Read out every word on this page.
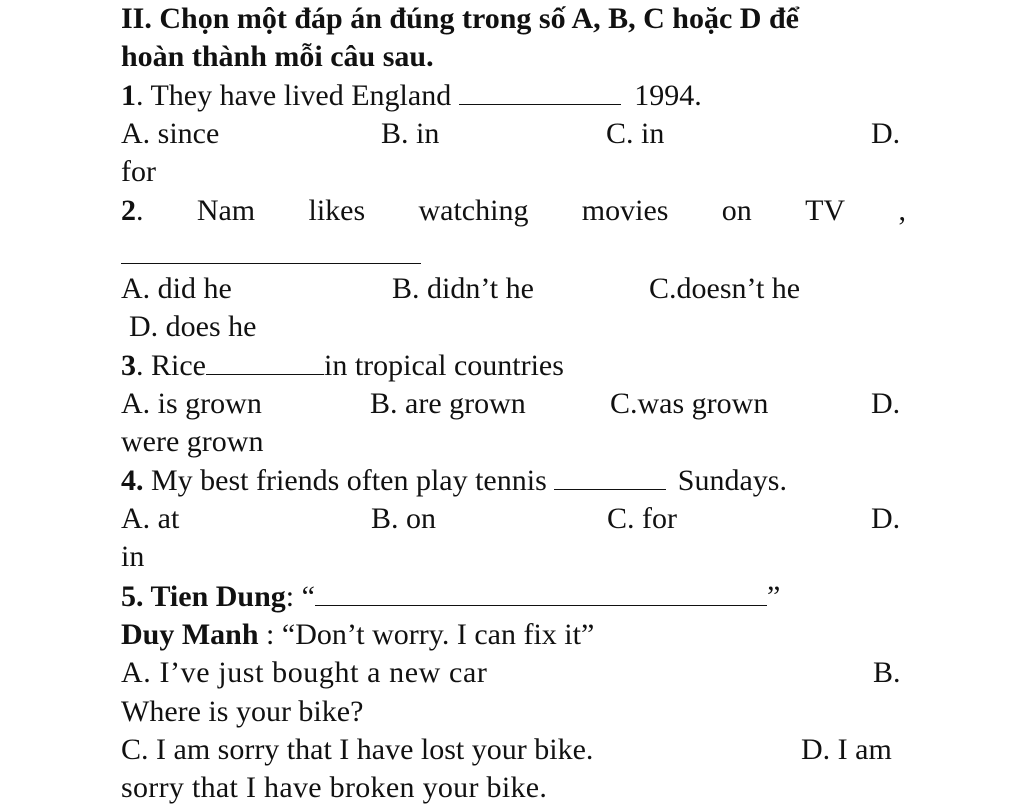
II. Chọn một đáp án đúng trong số A, B, C hoặc D để
hoàn thành mỗi câu sau.
1. They have lived England	1994.
A. since	B. in	C. in	D.
for
2. Nam likes watching movies on TV ,
A. did he	B. didn’t he	C.doesn’t he
D. does he
3. Rice	in tropical countries
A. is grown	B. are grown	C.was grown	D.
were grown
4. My best friends often play tennis	Sundays.
A. at	B. on	C. for	D.
in
5. Tien Dung: “	”
Duy Manh : “Don’t worry. I can fix it”
A. I’ve just bought a new car	B.
Where is your bike?
C. I am sorry that I have lost your bike.	D. I am
sorry that I have broken your bike.
